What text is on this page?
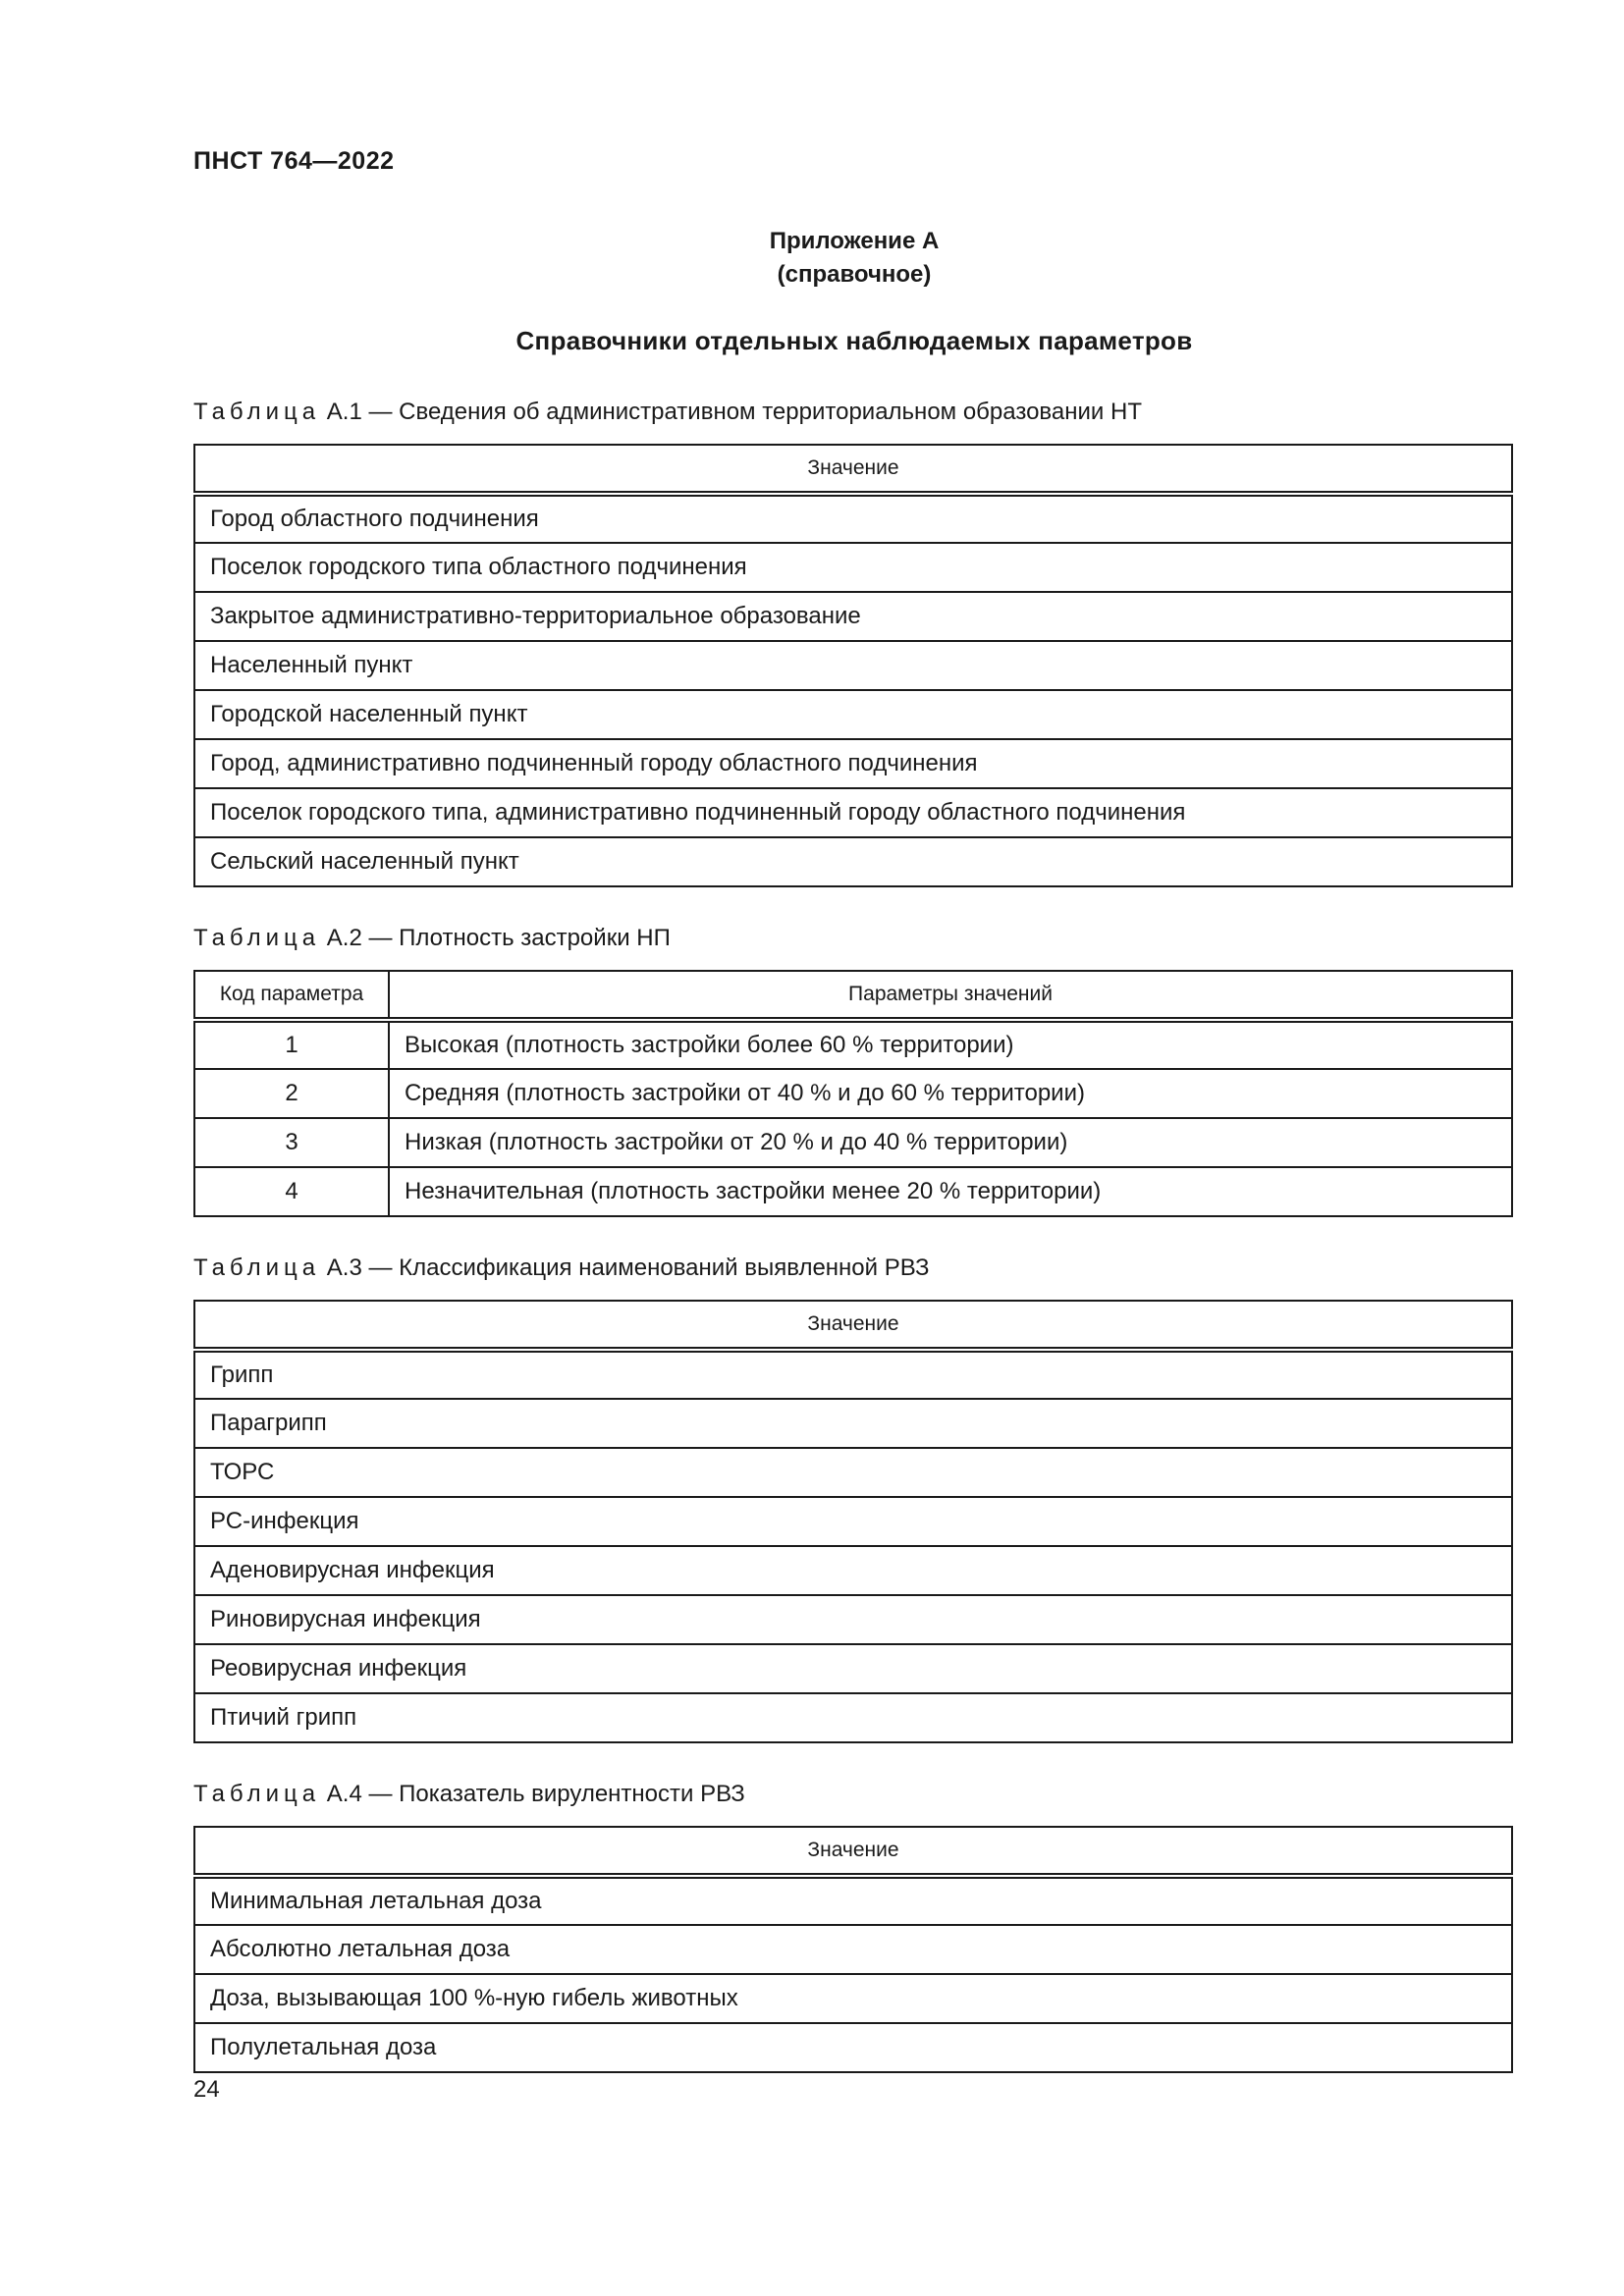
ПНСТ 764—2022
Приложение А
(справочное)
Справочники отдельных наблюдаемых параметров
Таблица А.1 — Сведения об административном территориальном образовании НТ
Значение
Город областного подчинения
Поселок городского типа областного подчинения
Закрытое административно-территориальное образование
Населенный пункт
Городской населенный пункт
Город, административно подчиненный городу областного подчинения
Поселок городского типа, административно подчиненный городу областного подчинения
Сельский населенный пункт
Таблица А.2 — Плотность застройки НП
Код параметра	Параметры значений
1	Высокая (плотность застройки более 60 % территории)
2	Средняя (плотность застройки от 40 % и до 60 % территории)
3	Низкая (плотность застройки от 20 % и до 40 % территории)
4	Незначительная (плотность застройки менее 20 % территории)
Таблица А.3 — Классификация наименований выявленной РВЗ
Значение
Грипп
Парагрипп
ТОРС
РС-инфекция
Аденовирусная инфекция
Риновирусная инфекция
Реовирусная инфекция
Птичий грипп
Таблица А.4 — Показатель вирулентности РВЗ
Значение
Минимальная летальная доза
Абсолютно летальная доза
Доза, вызывающая 100 %-ную гибель животных
Полулетальная доза
24
